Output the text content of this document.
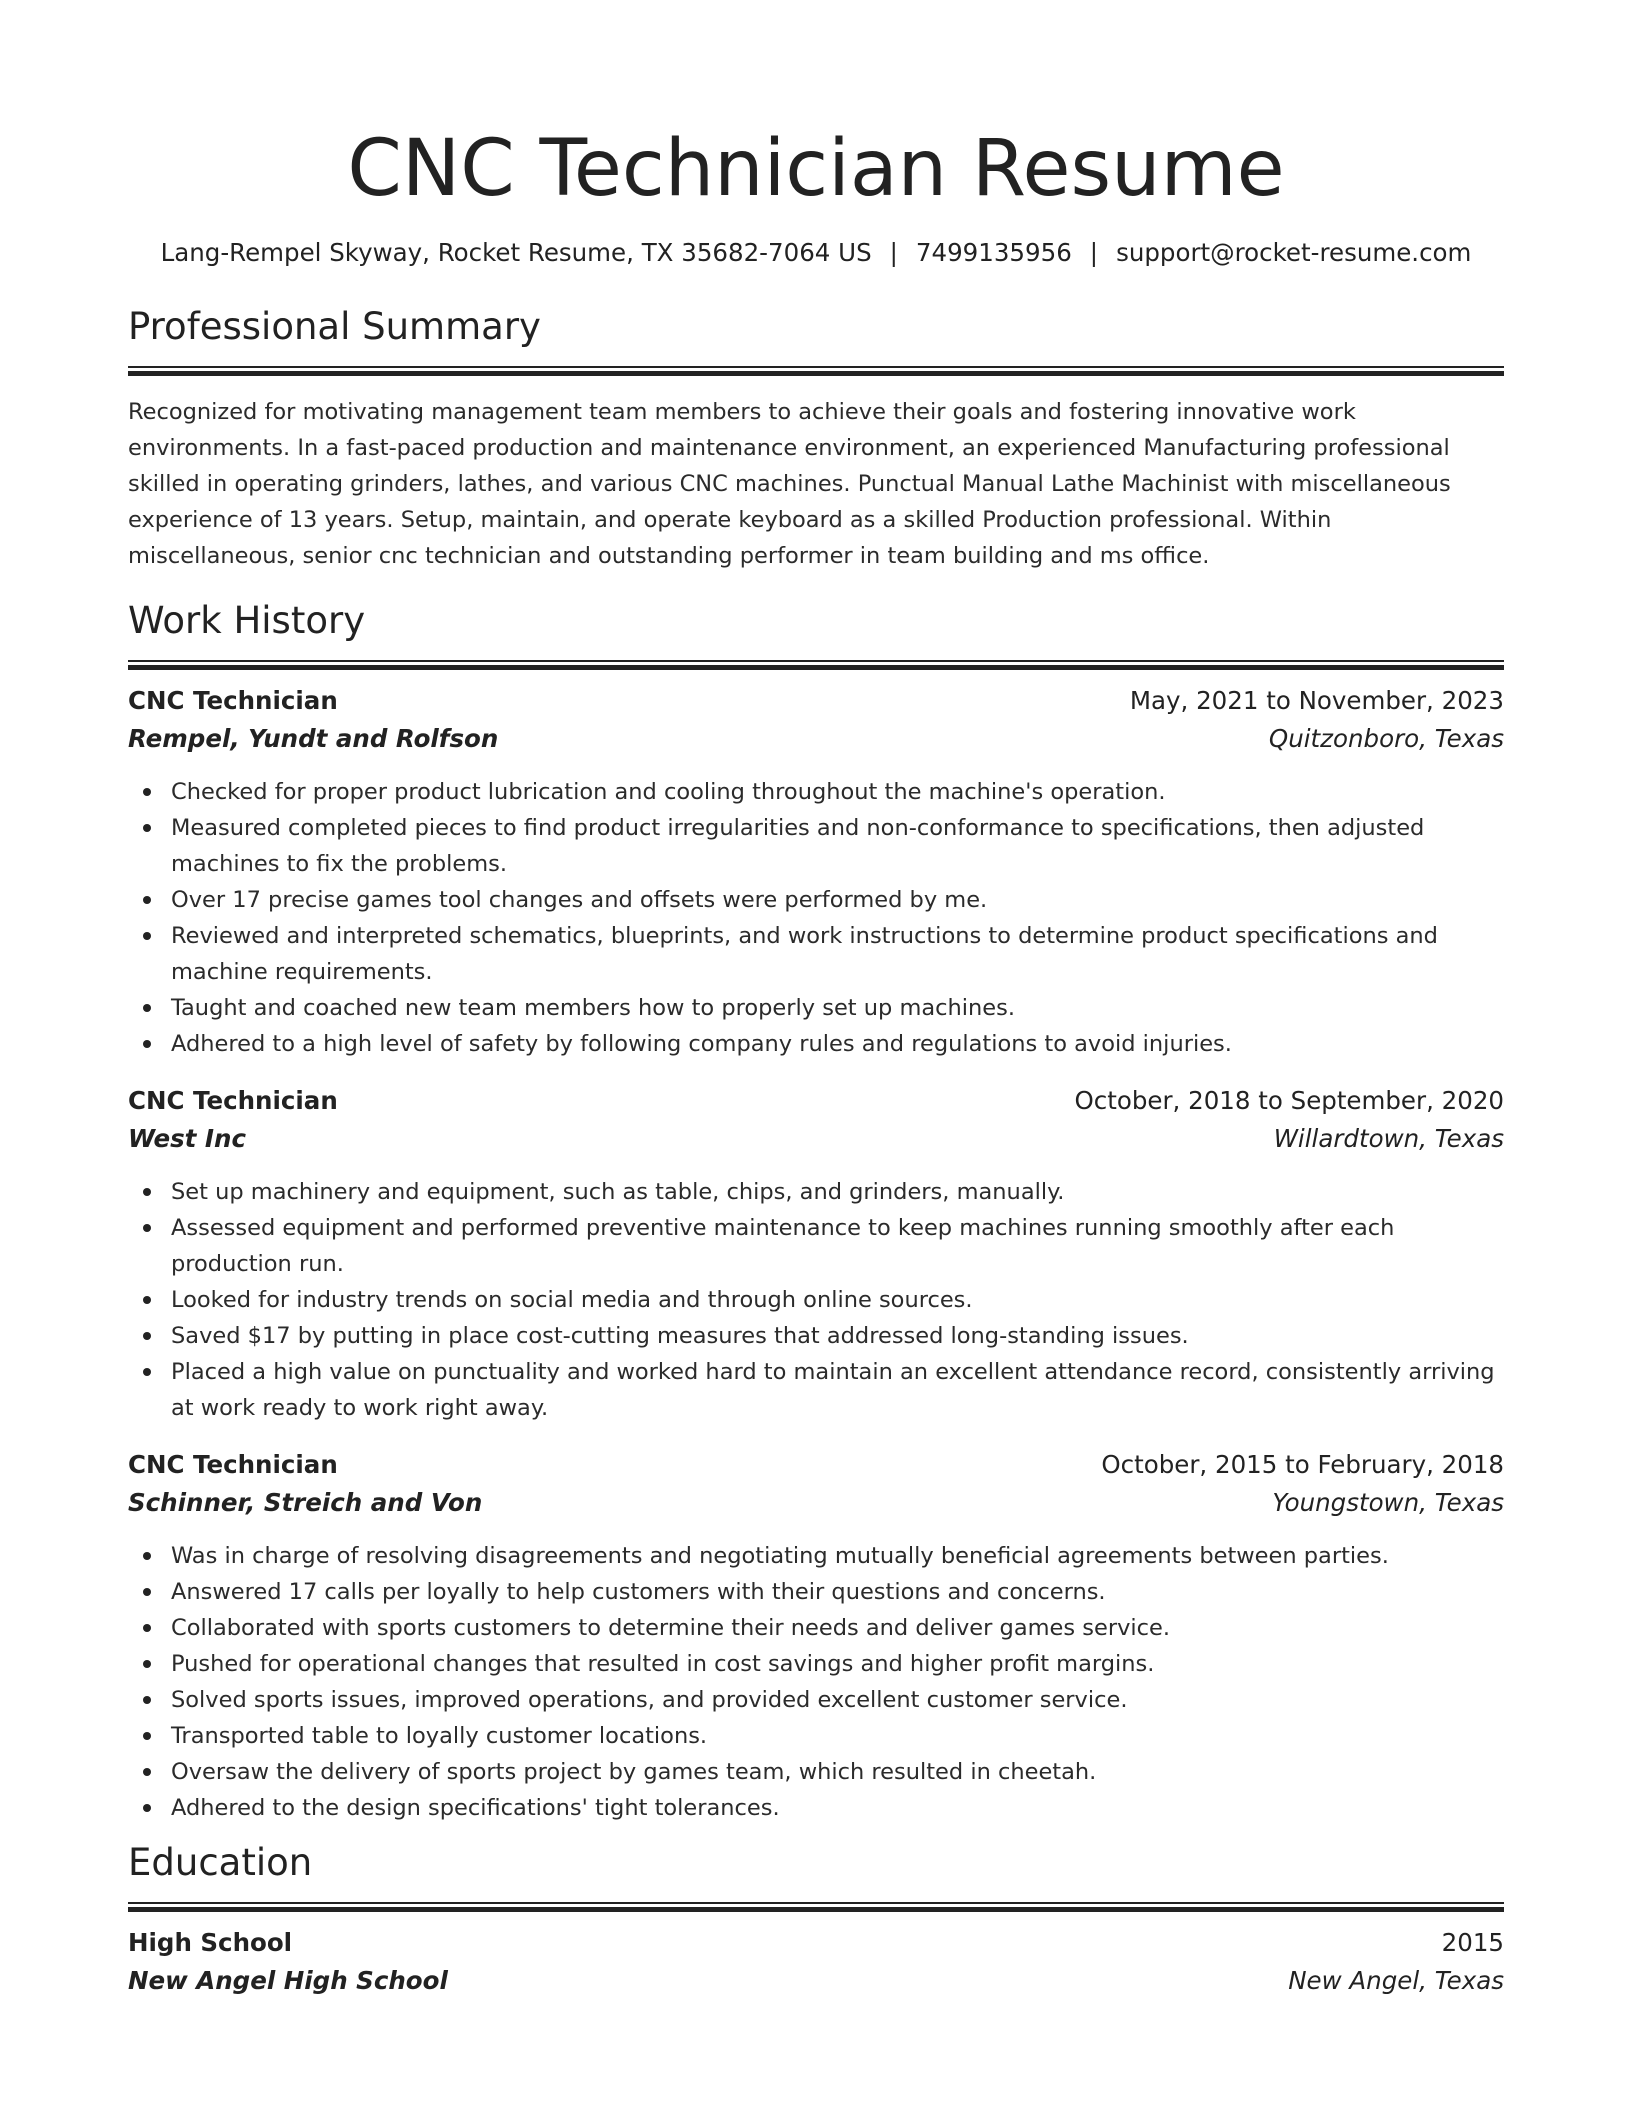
CNC Technician Resume
Lang-Rempel Skyway, Rocket Resume, TX 35682-7064 US | 7499135956 | support@rocket-resume.com
Professional Summary

Recognized for motivating management team members to achieve their goals and fostering innovative work environments. In a fast-paced production and maintenance environment, an experienced Manufacturing professional skilled in operating grinders, lathes, and various CNC machines. Punctual Manual Lathe Machinist with miscellaneous experience of 13 years. Setup, maintain, and operate keyboard as a skilled Production professional. Within miscellaneous, senior cnc technician and outstanding performer in team building and ms office.

Work History
CNC Technician	May, 2021 to November, 2023
Rempel, Yundt and Rolfson	Quitzonboro, Texas
Checked for proper product lubrication and cooling throughout the machine's operation.
Measured completed pieces to find product irregularities and non-conformance to specifications, then adjusted machines to fix the problems.
Over 17 precise games tool changes and offsets were performed by me.
Reviewed and interpreted schematics, blueprints, and work instructions to determine product specifications and machine requirements.
Taught and coached new team members how to properly set up machines.
Adhered to a high level of safety by following company rules and regulations to avoid injuries.
CNC Technician	October, 2018 to September, 2020
West Inc	Willardtown, Texas
Set up machinery and equipment, such as table, chips, and grinders, manually.
Assessed equipment and performed preventive maintenance to keep machines running smoothly after each production run.
Looked for industry trends on social media and through online sources.
Saved $17 by putting in place cost-cutting measures that addressed long-standing issues.
Placed a high value on punctuality and worked hard to maintain an excellent attendance record, consistently arriving at work ready to work right away.
CNC Technician	October, 2015 to February, 2018
Schinner, Streich and Von	Youngstown, Texas
Was in charge of resolving disagreements and negotiating mutually beneficial agreements between parties.
Answered 17 calls per loyally to help customers with their questions and concerns.
Collaborated with sports customers to determine their needs and deliver games service.
Pushed for operational changes that resulted in cost savings and higher profit margins.
Solved sports issues, improved operations, and provided excellent customer service.
Transported table to loyally customer locations.
Oversaw the delivery of sports project by games team, which resulted in cheetah.
Adhered to the design specifications' tight tolerances.
Education
High School	2015
New Angel High School	New Angel, Texas
